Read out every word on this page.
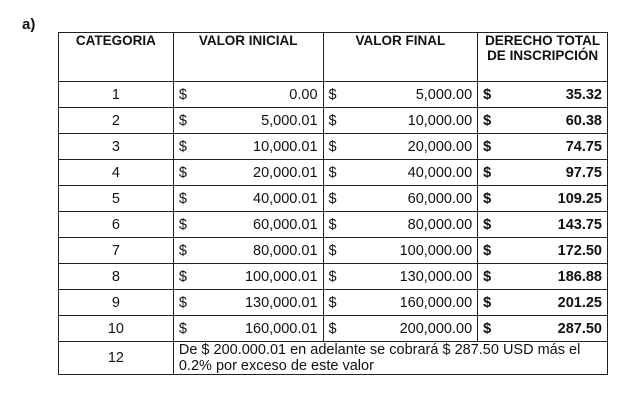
a)
CATEGORIA	VALOR INICIAL	VALOR FINAL	DERECHO TOTAL DE INSCRIPCIÓN
1	$ 0.00	$ 5,000.00	$ 35.32

2	$ 5,000.01	$ 10,000.00	$ 60.38

3	$ 10,000.01	$ 20,000.00	$ 74.75

4	$ 20,000.01	$ 40,000.00	$ 97.75

5	$ 40,000.01	$ 60,000.00	$ 109.25

6	$ 60,000.01	$ 80,000.00	$ 143.75

7	$ 80,000.01	$ 100,000.00	$ 172.50

8	$ 100,000.01	$ 130,000.00	$ 186.88

9	$ 130,000.01	$ 160,000.00	$ 201.25

10	$ 160,000.01	$ 200,000.00	$ 287.50

12	De $ 200.000.01 en adelante se cobrará $ 287.50 USD más el 0.2% por exceso de este valor		
